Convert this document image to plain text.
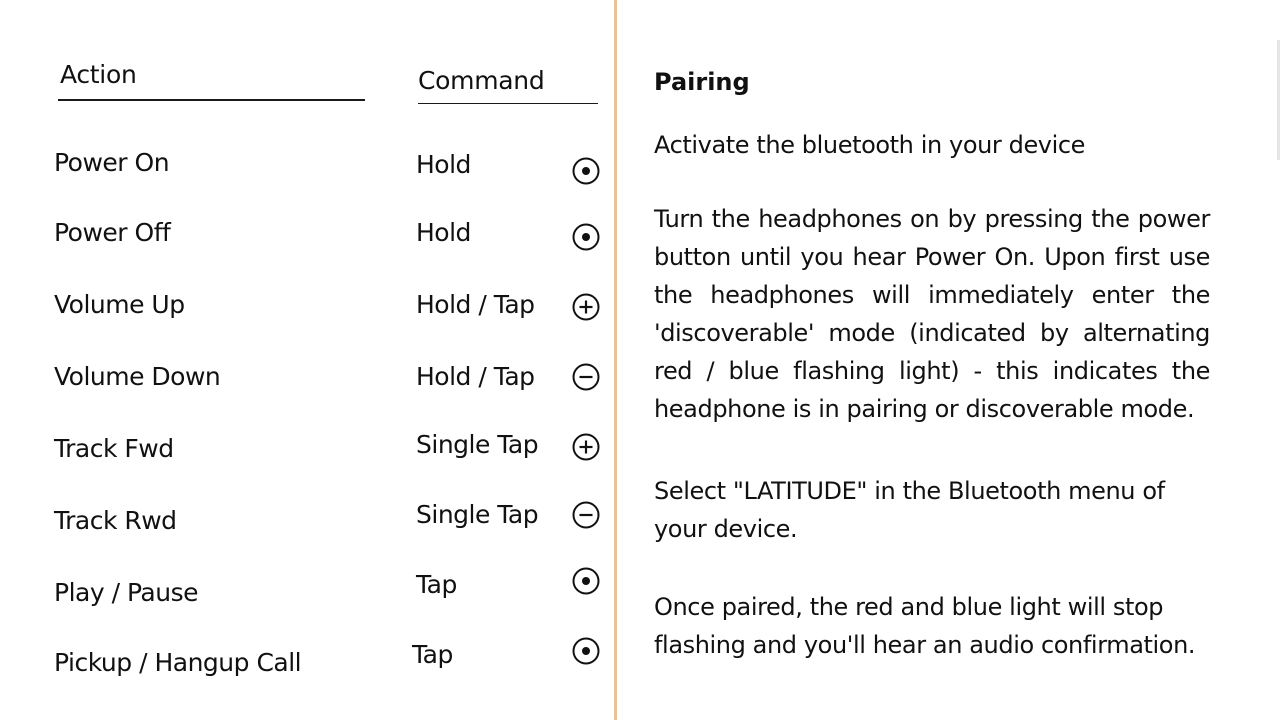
Action	Command
Power On	Hold
Power Off	Hold
Volume Up	Hold / Tap
Volume Down	Hold / Tap
Track Fwd	Single Tap
Track Rwd	Single Tap
Play / Pause	Tap
Pickup / Hangup Call	Tap
Pairing
Activate the bluetooth in your device
Turn the headphones on by pressing the power button until you hear Power On. Upon first use the headphones will immediately enter the 'discoverable' mode (indicated by alternating red / blue flashing light) - this indicates the headphone is in pairing or discoverable mode.
Select "LATITUDE" in the Bluetooth menu of your device.
Once paired, the red and blue light will stop flashing and you'll hear an audio confirmation.
